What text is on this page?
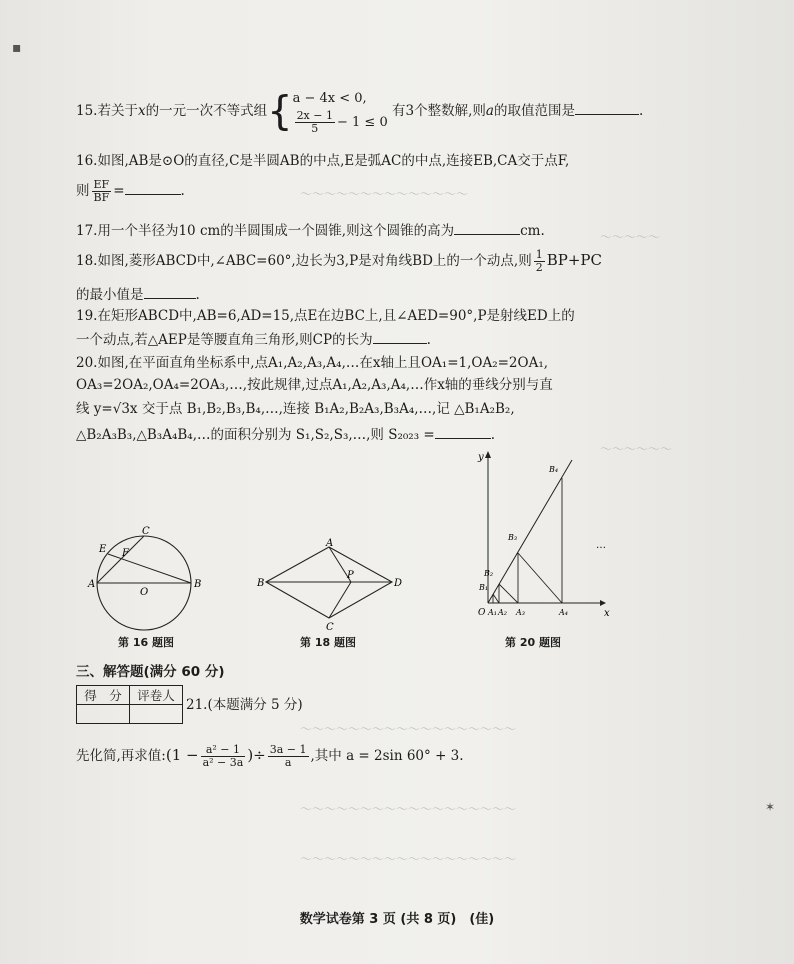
～～～～～～～～～～～～～～
～～～～～
～～～～～～
～～～～～～～～～～～～～～～～～～
～～～～～～～～～～～～～～～～～～
～～～～～～～～～～～～～～～～～～
15.若关于x的一元一次不等式组{ a − 4x < 0,
$\frac{2x - 1}{5} - 1 \le 0$
有3个整数解,则a的取值范围是	.
16.如图,AB是⊙O的直径,C是半圆AB的中点,E是弧AC的中点,连接EB,CA交于点F,
则 $\frac{EF}{BF}$ =	.
17.用一个半径为10 cm的半圆围成一个圆锥,则这个圆锥的高为	cm.
18.如图,菱形ABCD中,∠ABC=60°,边长为3,P是对角线BD上的一个动点,则 $\frac{1}{2} BP+PC$
的最小值是	.
19.在矩形ABCD中,AB=6,AD=15,点E在边BC上,且∠AED=90°,P是射线ED上的
一个动点,若△AEP是等腰直角三角形,则CP的长为	.
20.如图,在平面直角坐标系中,点A₁,A₂,A₃,A₄,…在x轴上且OA₁=1,OA₂=2OA₁,
OA₃=2OA₂,OA₄=2OA₃,…,按此规律,过点A₁,A₂,A₃,A₄,…作x轴的垂线分别与直
线 y=√3x 交于点 B₁,B₂,B₃,B₄,…,连接 B₁A₂,B₂A₃,B₃A₄,…,记 △B₁A₂B₂,
△B₂A₃B₃,△B₃A₄B₄,…的面积分别为 S₁,S₂,S₃,…,则 S₂₀₂₃ =	.
A	B
C
E F
O
第 16 题图
A
B
C
D
P
第 18 题图
y
x
O A₁ A₂ A₃	A₄
B₁
B₂
B₃
B₄
…
第 20 题图
三、解答题(满分 60 分)
得　分	评卷人

21.(本题满分 5 分)
先化简,再求值:(1 − $\frac{\text{a² − 1}}{\text{a² − 3a}}$ )÷ $\frac{3a - 1}{a}$ ,其中 a = 2sin 60° + 3.
数学试卷第 3 页 (共 8 页)　(佳)
▪
✶
